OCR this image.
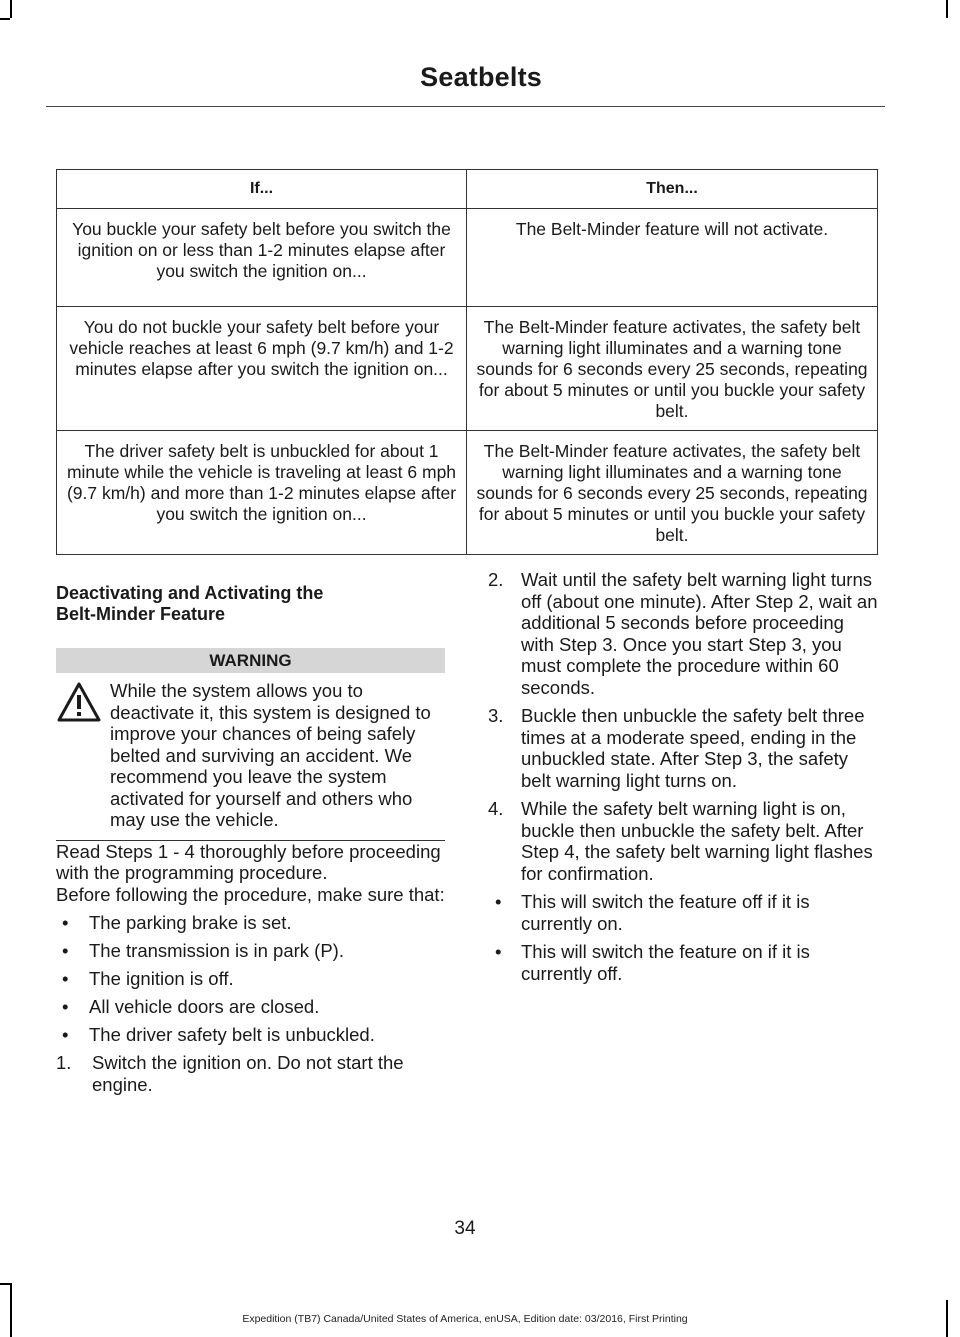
Seatbelts
If...	Then...
You buckle your safety belt before you switch the ignition on or less than 1-2 minutes elapse after you switch the ignition on...	The Belt-Minder feature will not activate.
You do not buckle your safety belt before your vehicle reaches at least 6 mph (9.7 km/h) and 1-2 minutes elapse after you switch the ignition on...	The Belt-Minder feature activates, the safety belt warning light illuminates and a warning tone sounds for 6 seconds every 25 seconds, repeating for about 5 minutes or until you buckle your safety belt.
The driver safety belt is unbuckled for about 1 minute while the vehicle is traveling at least 6 mph (9.7 km/h) and more than 1-2 minutes elapse after you switch the ignition on...	The Belt-Minder feature activates, the safety belt warning light illuminates and a warning tone sounds for 6 seconds every 25 seconds, repeating for about 5 minutes or until you buckle your safety belt.
Deactivating and Activating the
Belt-Minder Feature
WARNING

While the system allows you to deactivate it, this system is designed to improve your chances of being safely belted and surviving an accident. We recommend you leave the system activated for yourself and others who may use the vehicle.

Read Steps 1 - 4 thoroughly before proceeding with the programming procedure.

Before following the procedure, make sure that:

• The parking brake is set.
• The transmission is in park (P).
• The ignition is off.
• All vehicle doors are closed.
• The driver safety belt is unbuckled.
1. Switch the ignition on. Do not start the engine.
2. Wait until the safety belt warning light turns off (about one minute). After Step 2, wait an additional 5 seconds before proceeding with Step 3. Once you start Step 3, you must complete the procedure within 60 seconds.
3. Buckle then unbuckle the safety belt three times at a moderate speed, ending in the unbuckled state. After Step 3, the safety belt warning light turns on.
4. While the safety belt warning light is on, buckle then unbuckle the safety belt. After Step 4, the safety belt warning light flashes for confirmation.
• This will switch the feature off if it is currently on.
• This will switch the feature on if it is currently off.
34
Expedition (TB7) Canada/United States of America, enUSA, Edition date: 03/2016, First Printing
